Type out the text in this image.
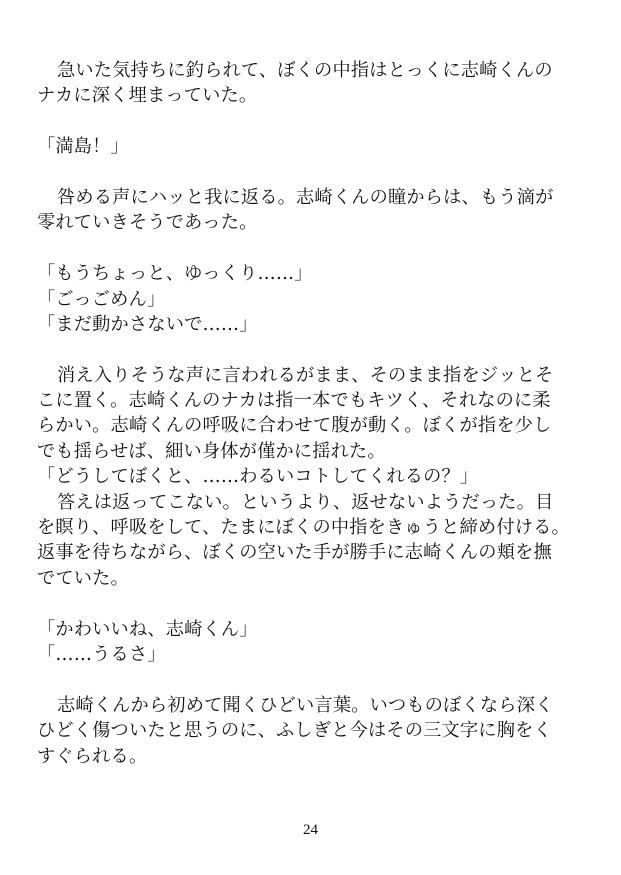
急いた気持ちに釣られて、ぼくの中指はとっくに志崎くんの
ナカに深く埋まっていた。
「満島！」
咎める声にハッと我に返る。志崎くんの瞳からは、もう滴が
零れていきそうであった。
「もうちょっと、ゆっくり……」
「ごっごめん」
「まだ動かさないで……」
消え入りそうな声に言われるがまま、そのまま指をジッとそ
こに置く。志崎くんのナカは指一本でもキツく、それなのに柔
らかい。志崎くんの呼吸に合わせて腹が動く。ぼくが指を少し
でも揺らせば、細い身体が僅かに揺れた。
「どうしてぼくと、……わるいコトしてくれるの？」
答えは返ってこない。というより、返せないようだった。目
を瞑り、呼吸をして、たまにぼくの中指をきゅうと締め付ける。
返事を待ちながら、ぼくの空いた手が勝手に志崎くんの頬を撫
でていた。
「かわいいね、志崎くん」
「……うるさ」
志崎くんから初めて聞くひどい言葉。いつものぼくなら深く
ひどく傷ついたと思うのに、ふしぎと今はその三文字に胸をく
すぐられる。
24
